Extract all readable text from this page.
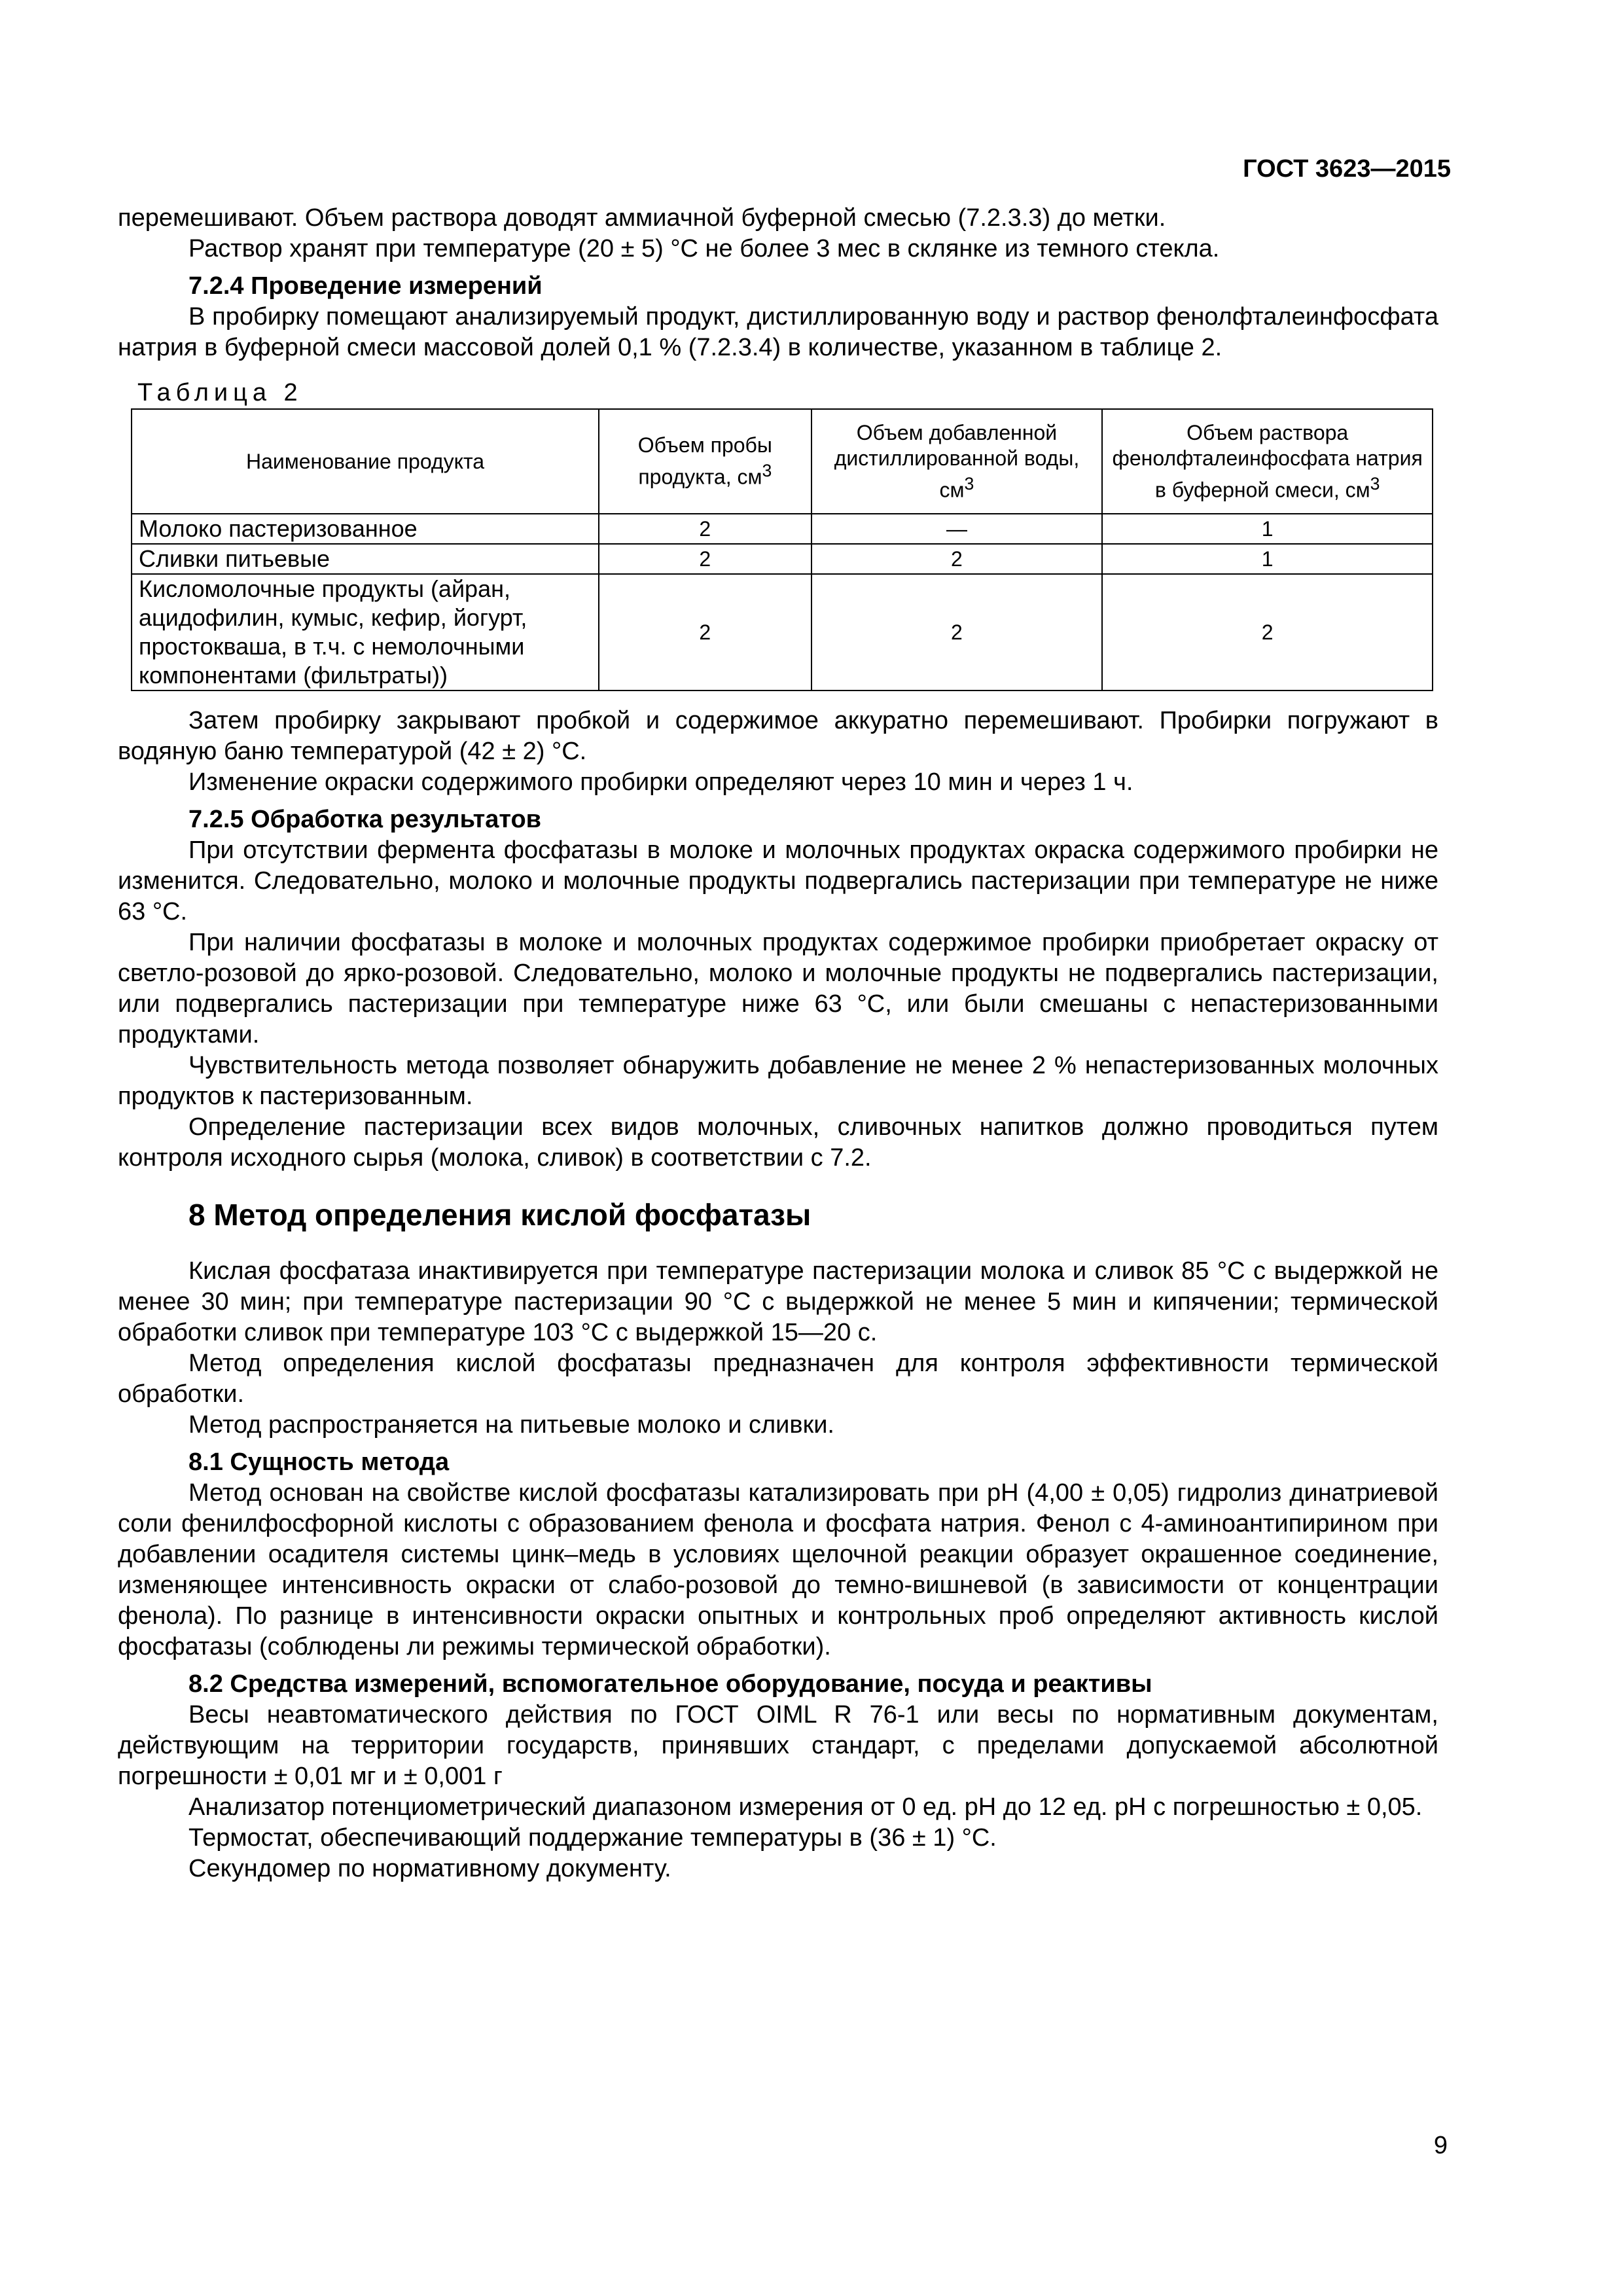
ГОСТ 3623—2015

перемешивают. Объем раствора доводят аммиачной буферной смесью (7.2.3.3) до метки.

Раствор хранят при температуре (20 ± 5) °С не более 3 мес в склянке из темного стекла.

7.2.4 Проведение измерений

В пробирку помещают анализируемый продукт, дистиллированную воду и раствор фенолфталеинфосфата натрия в буферной смеси массовой долей 0,1 % (7.2.3.4) в количестве, указанном в таблице 2.

Таблица 2

Наименование продукта	Объем пробы продукта, $см^3$	Объем добавленной дистиллированной воды, $см^3$	Объем раствора фенолфталеинфосфата натрия в буферной смеси, $см^3$
Молоко пастеризованное	2	—	1
Сливки питьевые	2	2	1
Кисломолочные продукты (айран, ацидофилин, кумыс, кефир, йогурт, простокваша, в т.ч. с немолочными компонентами (фильтраты))	2	2	2

Затем пробирку закрывают пробкой и содержимое аккуратно перемешивают. Пробирки погружают в водяную баню температурой (42 ± 2) °С.

Изменение окраски содержимого пробирки определяют через 10 мин и через 1 ч.

7.2.5 Обработка результатов

При отсутствии фермента фосфатазы в молоке и молочных продуктах окраска содержимого пробирки не изменится. Следовательно, молоко и молочные продукты подвергались пастеризации при температуре не ниже 63 °С.

При наличии фосфатазы в молоке и молочных продуктах содержимое пробирки приобретает окраску от светло-розовой до ярко-розовой. Следовательно, молоко и молочные продукты не подвергались пастеризации, или подвергались пастеризации при температуре ниже 63 °С, или были смешаны с непастеризованными продуктами.

Чувствительность метода позволяет обнаружить добавление не менее 2 % непастеризованных молочных продуктов к пастеризованным.

Определение пастеризации всех видов молочных, сливочных напитков должно проводиться путем контроля исходного сырья (молока, сливок) в соответствии с 7.2.

8 Метод определения кислой фосфатазы

Кислая фосфатаза инактивируется при температуре пастеризации молока и сливок 85 °С с выдержкой не менее 30 мин; при температуре пастеризации 90 °С с выдержкой не менее 5 мин и кипячении; термической обработки сливок при температуре 103 °С с выдержкой 15—20 с.

Метод определения кислой фосфатазы предназначен для контроля эффективности термической обработки.

Метод распространяется на питьевые молоко и сливки.

8.1 Сущность метода

Метод основан на свойстве кислой фосфатазы катализировать при pH (4,00 ± 0,05) гидролиз динатриевой соли фенилфосфорной кислоты с образованием фенола и фосфата натрия. Фенол с 4-аминоантипирином при добавлении осадителя системы цинк–медь в условиях щелочной реакции образует окрашенное соединение, изменяющее интенсивность окраски от слабо-розовой до темно-вишневой (в зависимости от концентрации фенола). По разнице в интенсивности окраски опытных и контрольных проб определяют активность кислой фосфатазы (соблюдены ли режимы термической обработки).

8.2 Средства измерений, вспомогательное оборудование, посуда и реактивы

Весы неавтоматического действия по ГОСТ OIML R 76-1 или весы по нормативным документам, действующим на территории государств, принявших стандарт, с пределами допускаемой абсолютной погрешности ± 0,01 мг и ± 0,001 г

Анализатор потенциометрический диапазоном измерения от 0 ед. pH до 12 ед. pH с погрешностью ± 0,05.

Термостат, обеспечивающий поддержание температуры в (36 ± 1) °С.

Секундомер по нормативному документу.

9
